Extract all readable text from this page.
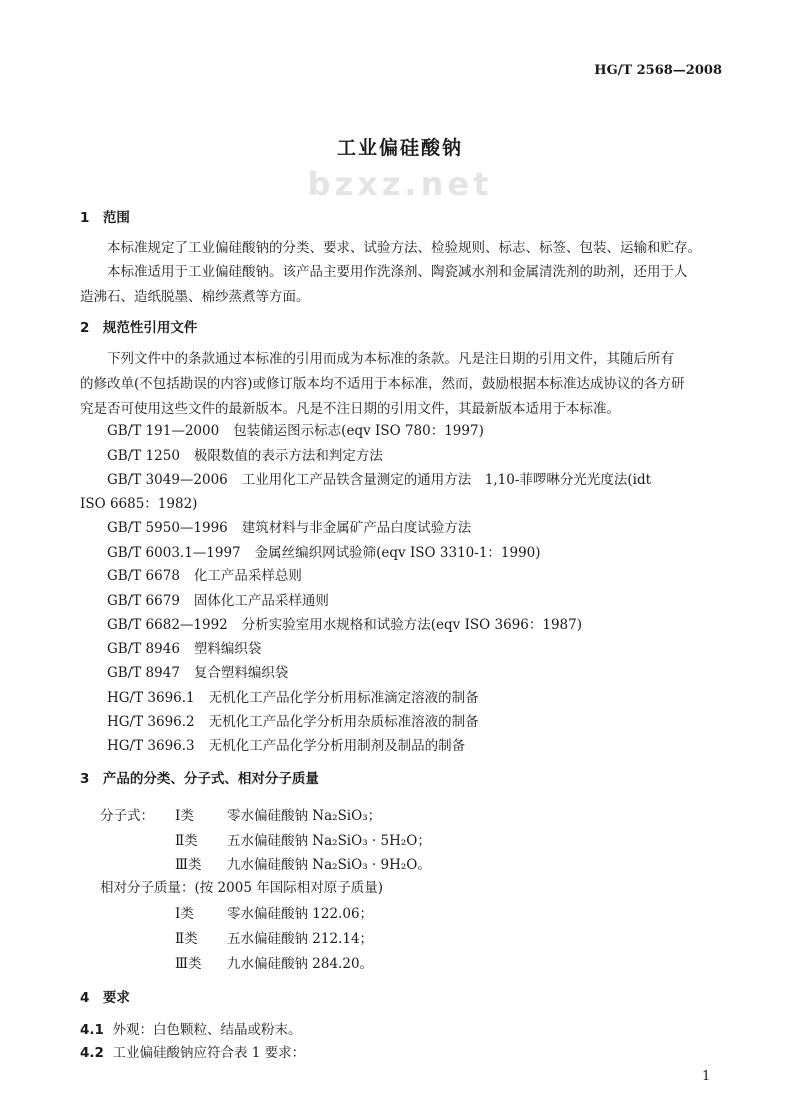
HG/T 2568—2008
工业偏硅酸钠
bzxz.net
1　范围
本标准规定了工业偏硅酸钠的分类、要求、试验方法、检验规则、标志、标签、包装、运输和贮存。
本标准适用于工业偏硅酸钠。该产品主要用作洗涤剂、陶瓷减水剂和金属清洗剂的助剂，还用于人
造沸石、造纸脱墨、棉纱蒸煮等方面。
2　规范性引用文件
下列文件中的条款通过本标准的引用而成为本标准的条款。凡是注日期的引用文件，其随后所有
的修改单(不包括勘误的内容)或修订版本均不适用于本标准，然而，鼓励根据本标准达成协议的各方研
究是否可使用这些文件的最新版本。凡是不注日期的引用文件，其最新版本适用于本标准。
GB/T 191—2000 包装储运图示标志(eqv ISO 780：1997)
GB/T 1250 极限数值的表示方法和判定方法
GB/T 3049—2006 工业用化工产品铁含量测定的通用方法　1,10-菲啰啉分光光度法(idt
GB/T 5950—1996 建筑材料与非金属矿产品白度试验方法
GB/T 6003.1—1997 金属丝编织网试验筛(eqv ISO 3310-1：1990)
GB/T 6678 化工产品采样总则
GB/T 6679 固体化工产品采样通则
GB/T 6682—1992 分析实验室用水规格和试验方法(eqv ISO 3696：1987)
GB/T 8946 塑料编织袋
GB/T 8947 复合塑料编织袋
HG/T 3696.1 无机化工产品化学分析用标准滴定溶液的制备
HG/T 3696.2 无机化工产品化学分析用杂质标准溶液的制备
HG/T 3696.3 无机化工产品化学分析用制剂及制品的制备
ISO 6685：1982)
3　产品的分类、分子式、相对分子质量
分子式：
相对分子质量：(按 2005 年国际相对原子质量)
Ⅰ类 零水偏硅酸钠 Na₂SiO₃；
Ⅱ类 五水偏硅酸钠 Na₂SiO₃ · 5H₂O；
Ⅲ类 九水偏硅酸钠 Na₂SiO₃ · 9H₂O。
Ⅰ类 零水偏硅酸钠 122.06；
Ⅱ类 五水偏硅酸钠 212.14；
Ⅲ类 九水偏硅酸钠 284.20。
4　要求
4.1 外观：白色颗粒、结晶或粉末。
4.2 工业偏硅酸钠应符合表 1 要求：
1
